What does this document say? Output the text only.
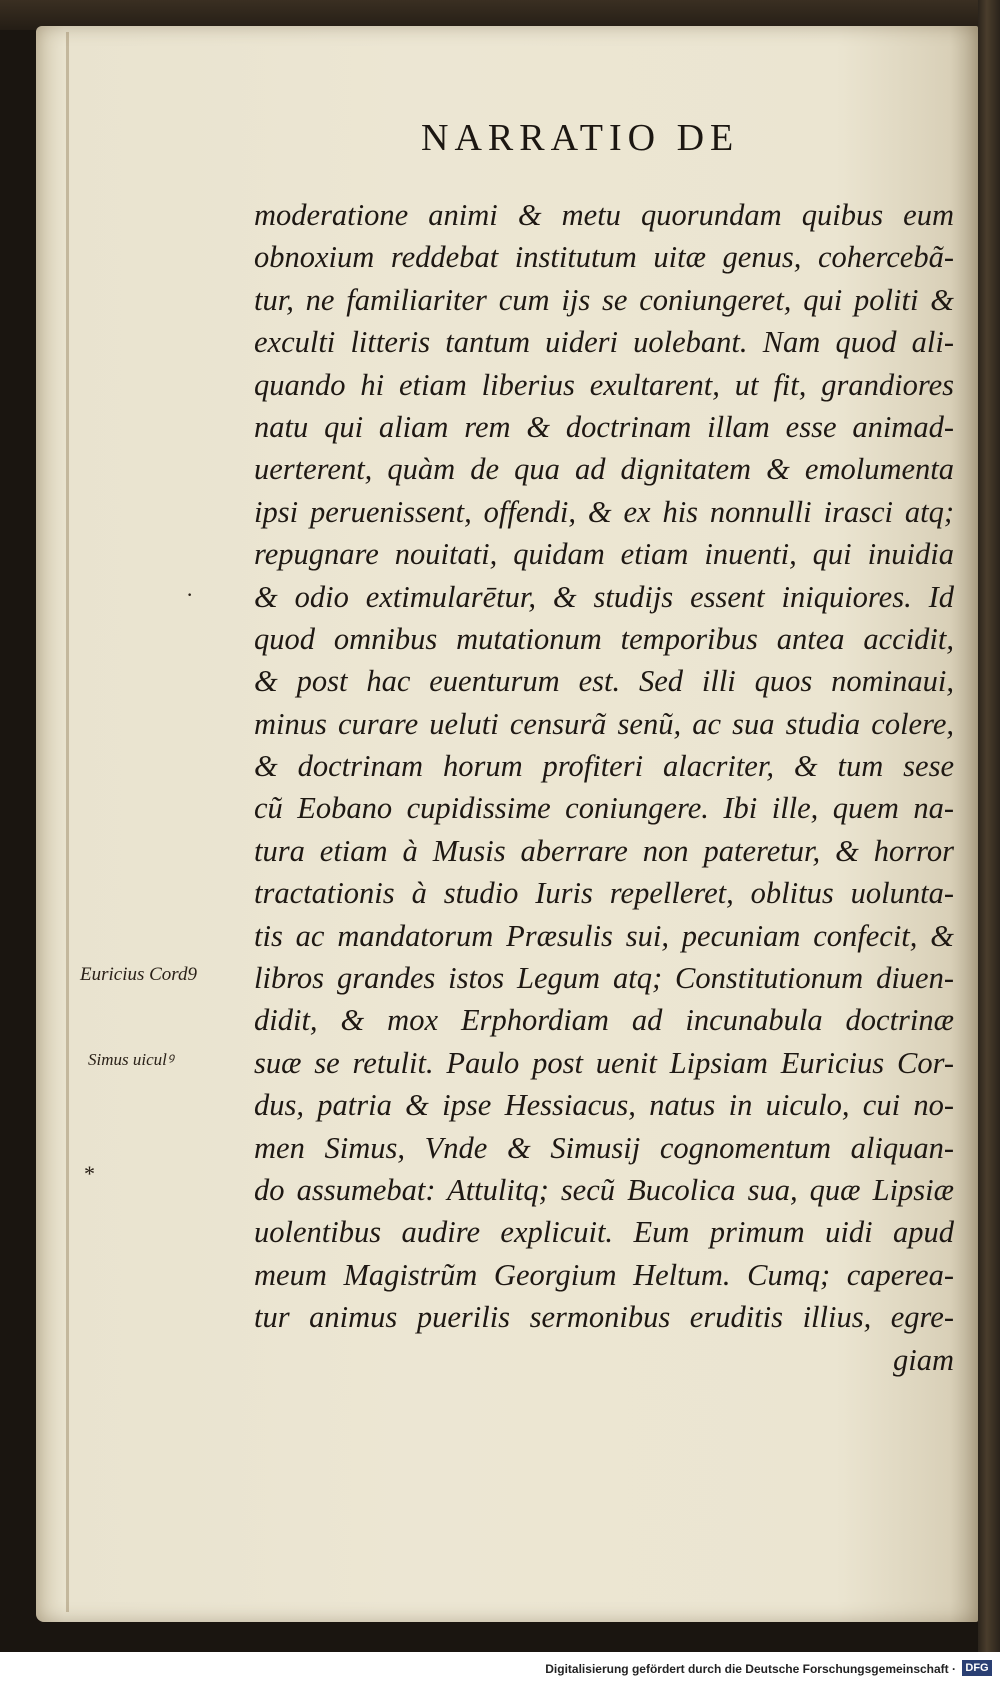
NARRATIO DE
moderatione animi & metu quorundam quibus eum
obnoxium reddebat institutum uitæ genus, cohercebã-
tur, ne familiariter cum ijs se coniungeret, qui politi &
exculti litteris tantum uideri uolebant. Nam quod ali-
quando hi etiam liberius exultarent, ut fit, grandiores
natu qui aliam rem & doctrinam illam esse animad-
uerterent, quàm de qua ad dignitatem & emolumenta
ipsi peruenissent, offendi, & ex his nonnulli irasci atq;
repugnare nouitati, quidam etiam inuenti, qui inuidia
& odio extimularētur, & studijs essent iniquiores. Id
quod omnibus mutationum temporibus antea accidit,
& post hac euenturum est. Sed illi quos nominaui,
minus curare ueluti censurã senũ, ac sua studia colere,
& doctrinam horum profiteri alacriter, & tum sese
cũ Eobano cupidissime coniungere. Ibi ille, quem na-
tura etiam à Musis aberrare non pateretur, & horror
tractationis à studio Iuris repelleret, oblitus uolunta-
tis ac mandatorum Præsulis sui, pecuniam confecit, &
libros grandes istos Legum atq; Constitutionum diuen-
didit, & mox Erphordiam ad incunabula doctrinæ
suæ se retulit. Paulo post uenit Lipsiam Euricius Cor-
dus, patria & ipse Hessiacus, natus in uiculo, cui no-
men Simus, Vnde & Simusij cognomentum aliquan-
do assumebat: Attulitq; secũ Bucolica sua, quæ Lipsiæ
uolentibus audire explicuit. Eum primum uidi apud
meum Magistrũm Georgium Heltum. Cumq; caperea-
tur animus puerilis sermonibus eruditis illius, egre-
giam
Euricius Cord9
Simus uiculꝰ
*
·
Digitalisierung gefördert durch die Deutsche Forschungsgemeinschaft · DFG
